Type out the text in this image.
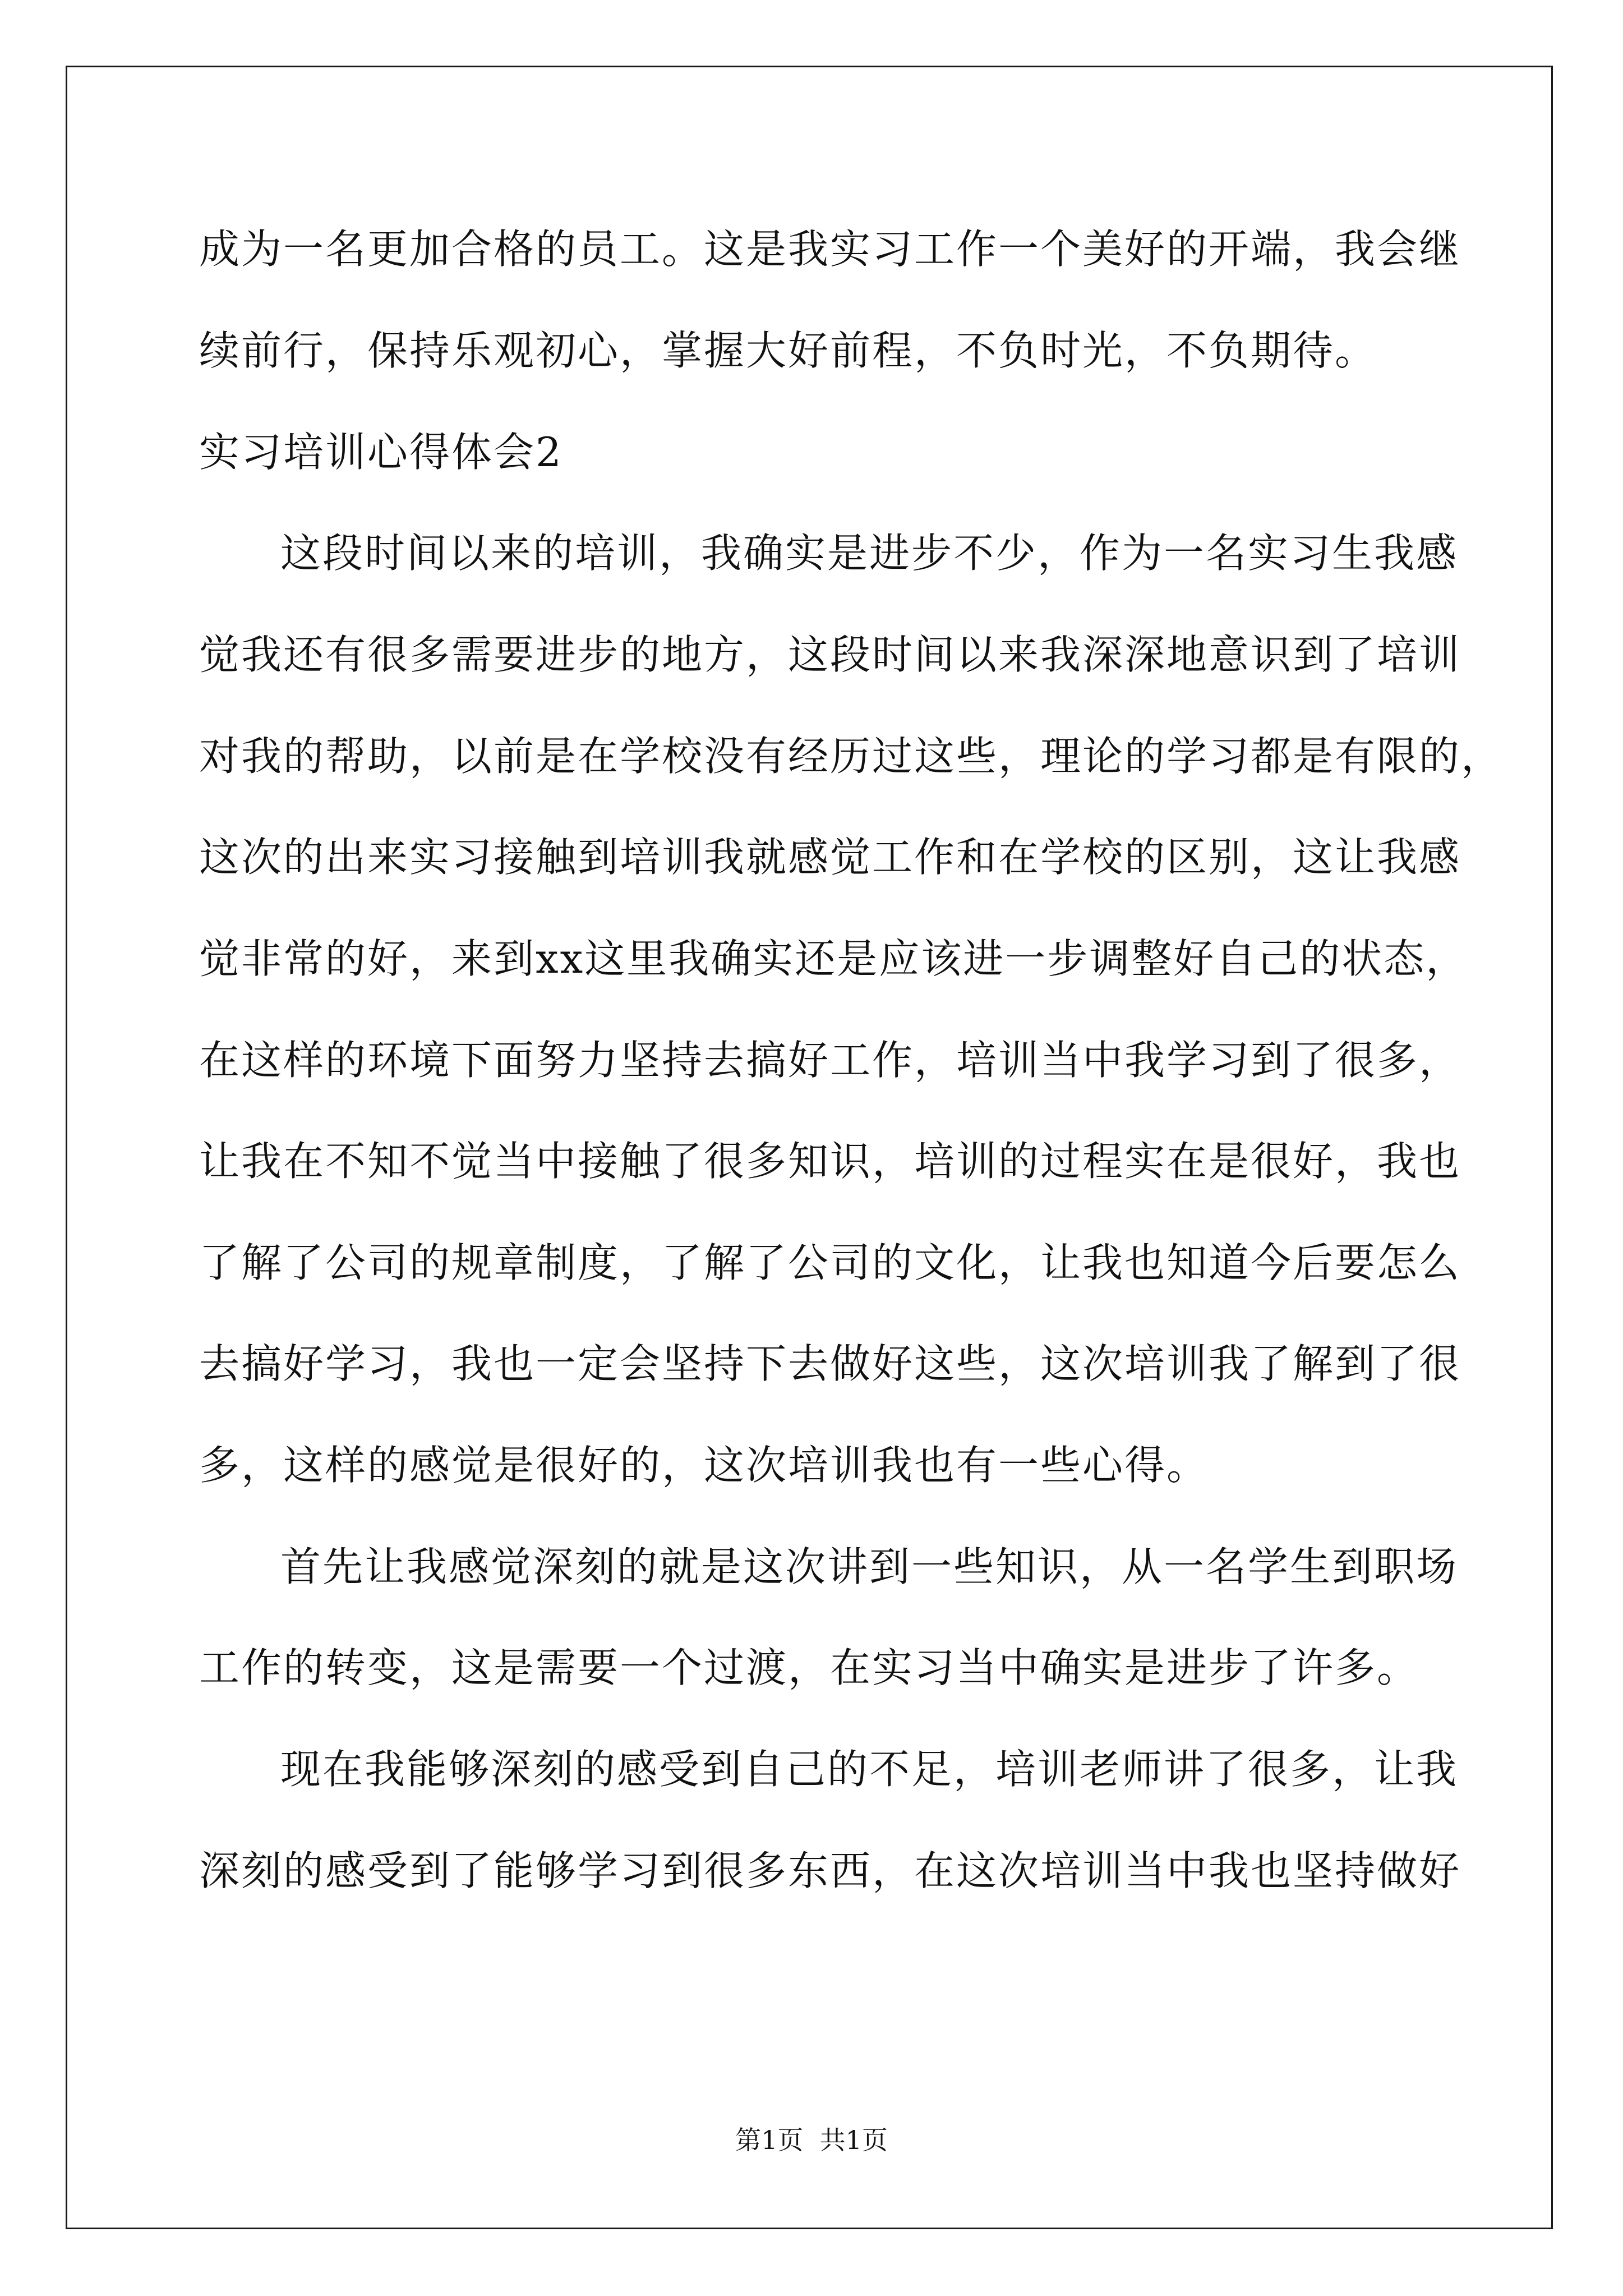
成为一名更加合格的员工。这是我实习工作一个美好的开端，我会继
续前行，保持乐观初心，掌握大好前程，不负时光，不负期待。
实习培训心得体会2
这段时间以来的培训，我确实是进步不少，作为一名实习生我感
觉我还有很多需要进步的地方，这段时间以来我深深地意识到了培训
对我的帮助，以前是在学校没有经历过这些，理论的学习都是有限的，
这次的出来实习接触到培训我就感觉工作和在学校的区别，这让我感
觉非常的好，来到xx这里我确实还是应该进一步调整好自己的状态，
在这样的环境下面努力坚持去搞好工作，培训当中我学习到了很多，
让我在不知不觉当中接触了很多知识，培训的过程实在是很好，我也
了解了公司的规章制度，了解了公司的文化，让我也知道今后要怎么
去搞好学习，我也一定会坚持下去做好这些，这次培训我了解到了很
多，这样的感觉是很好的，这次培训我也有一些心得。
首先让我感觉深刻的就是这次讲到一些知识，从一名学生到职场
工作的转变，这是需要一个过渡，在实习当中确实是进步了许多。
现在我能够深刻的感受到自己的不足，培训老师讲了很多，让我
深刻的感受到了能够学习到很多东西，在这次培训当中我也坚持做好
第1页  共1页
